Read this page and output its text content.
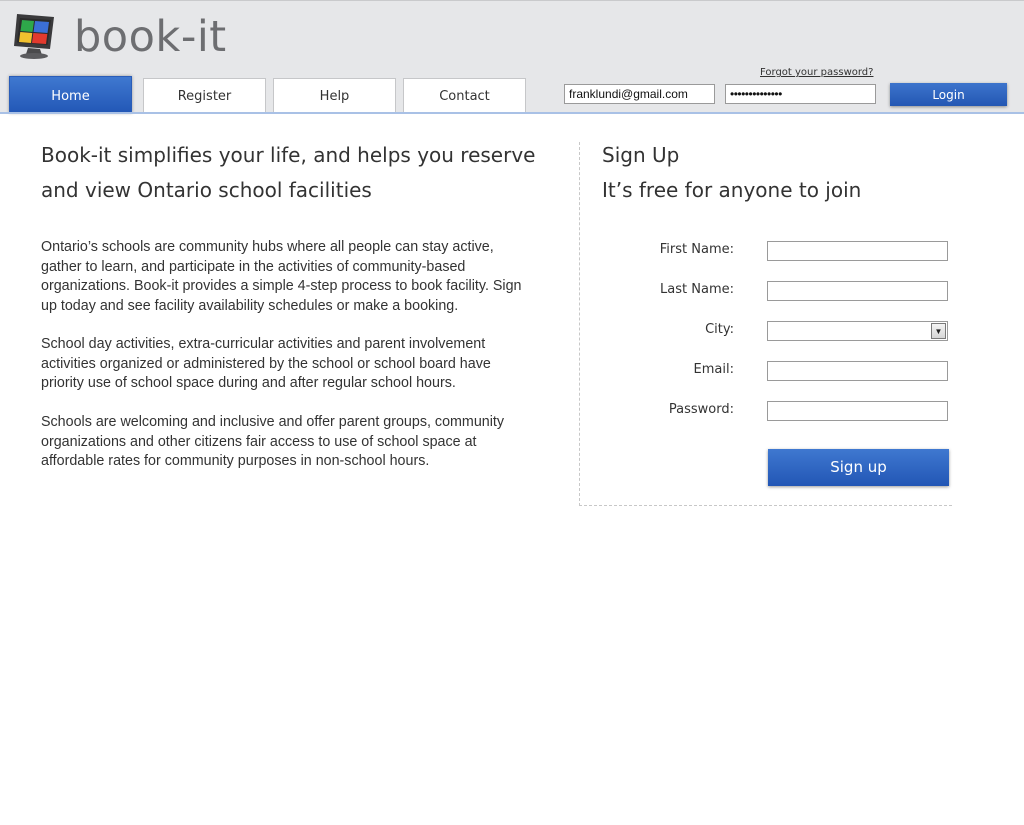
book-it
Home	Register	Help	Contact
Forgot your password?
franklundi@gmail.com	••••••••••••••	Login
Book-it simplifies your life, and helps you reserve
and view Ontario school facilities

Ontario’s schools are community hubs where all people can stay active, gather to learn, and participate in the activities of community-based organizations. Book-it provides a simple 4-step process to book facility. Sign up today and see facility availability schedules or make a booking.

School day activities, extra-curricular activities and parent involvement activities organized or administered by the school or school board have priority use of school space during and after regular school hours.

Schools are welcoming and inclusive and offer parent groups, community organizations and other citizens fair access to use of school space at affordable rates for community purposes in non-school hours.

Sign Up
It’s free for anyone to join
First Name:
Last Name:
City:	▼
Email:
Password:
Sign up
